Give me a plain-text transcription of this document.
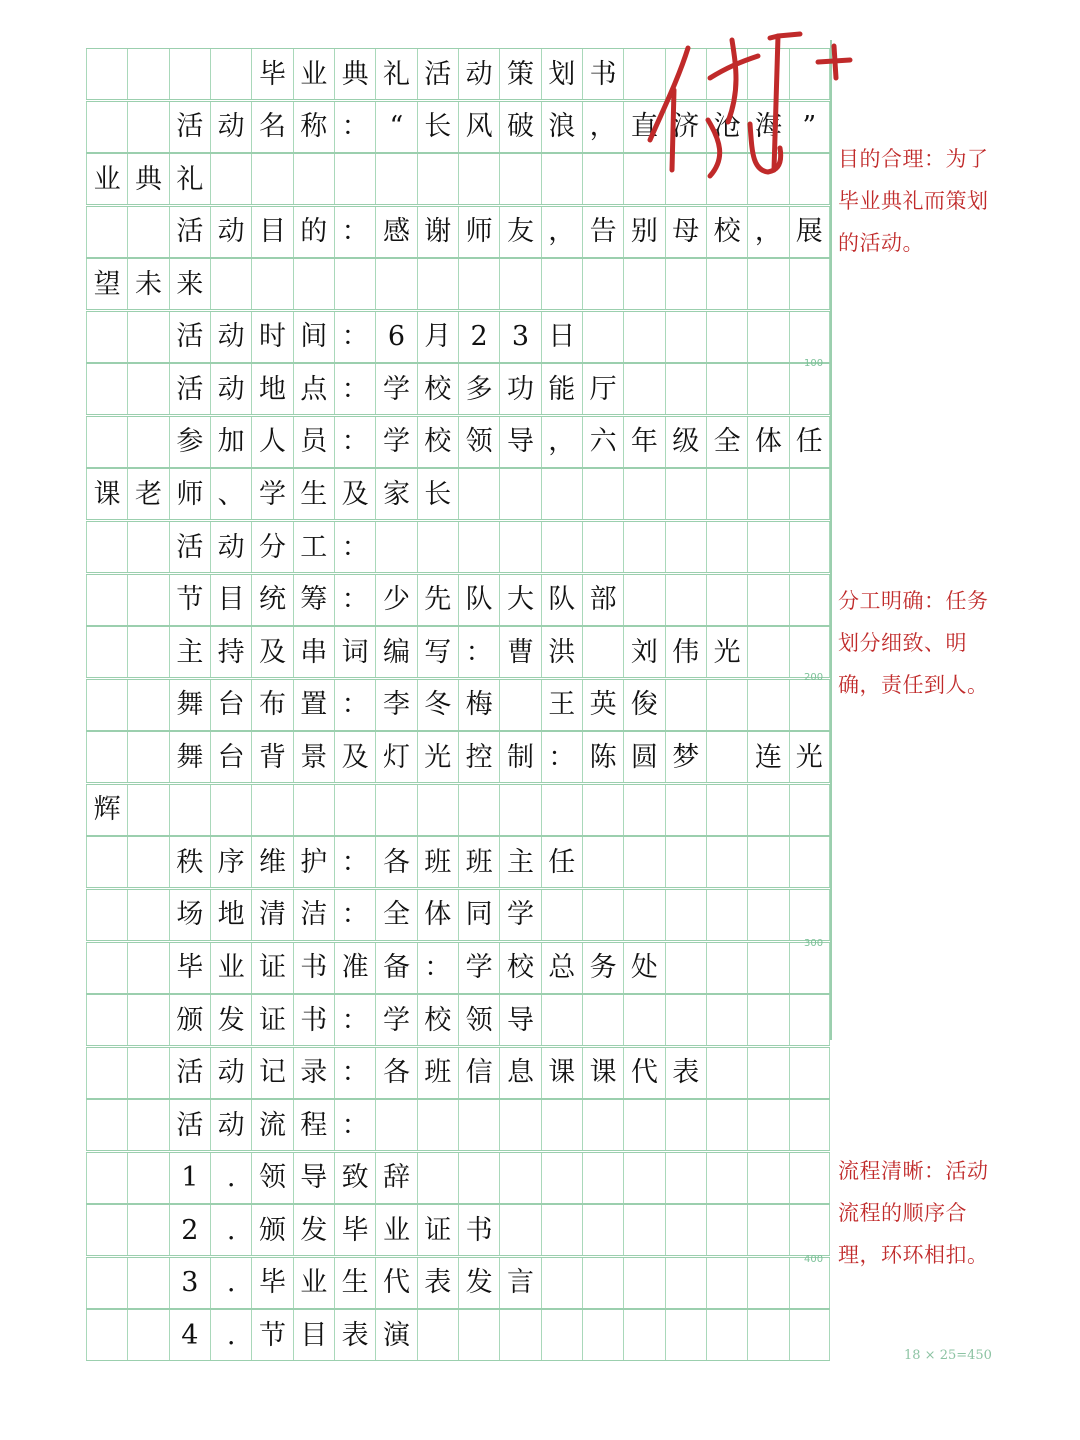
毕 业 典 礼 活 动 策 划 书
活 动 名 称 ： “ 长 风 破 浪 ， 直 济 沧 海 ”
业 典 礼
活 动 目 的 ： 感 谢 师 友 ， 告 别 母 校 ， 展
望 未 来
活 动 时 间 ： 6 月 2 3 日
活 动 地 点 ： 学 校 多 功 能 厅
参 加 人 员 ： 学 校 领 导 ， 六 年 级 全 体 任
课 老 师 、 学 生 及 家 长
活 动 分 工 ：
节 目 统 筹 ： 少 先 队 大 队 部
主 持 及 串 词 编 写 ： 曹 洪 刘 伟 光
舞 台 布 置 ： 李 冬 梅 王 英 俊
舞 台 背 景 及 灯 光 控 制 ： 陈 圆 梦 连 光
辉
秩 序 维 护 ： 各 班 班 主 任
场 地 清 洁 ： 全 体 同 学
毕 业 证 书 准 备 ： 学 校 总 务 处
颁 发 证 书 ： 学 校 领 导
活 动 记 录 ： 各 班 信 息 课 课 代 表
活 动 流 程 ：
1	. 领 导 致 辞
2	. 颁 发 毕 业 证 书
3	. 毕 业 生 代 表 发 言
4	. 节 目 表 演
100
200
300
400
目的合理：为了毕业典礼而策划的活动。
分工明确：任务划分细致、明确，责任到人。
流程清晰：活动流程的顺序合理，环环相扣。
18 × 25=450
